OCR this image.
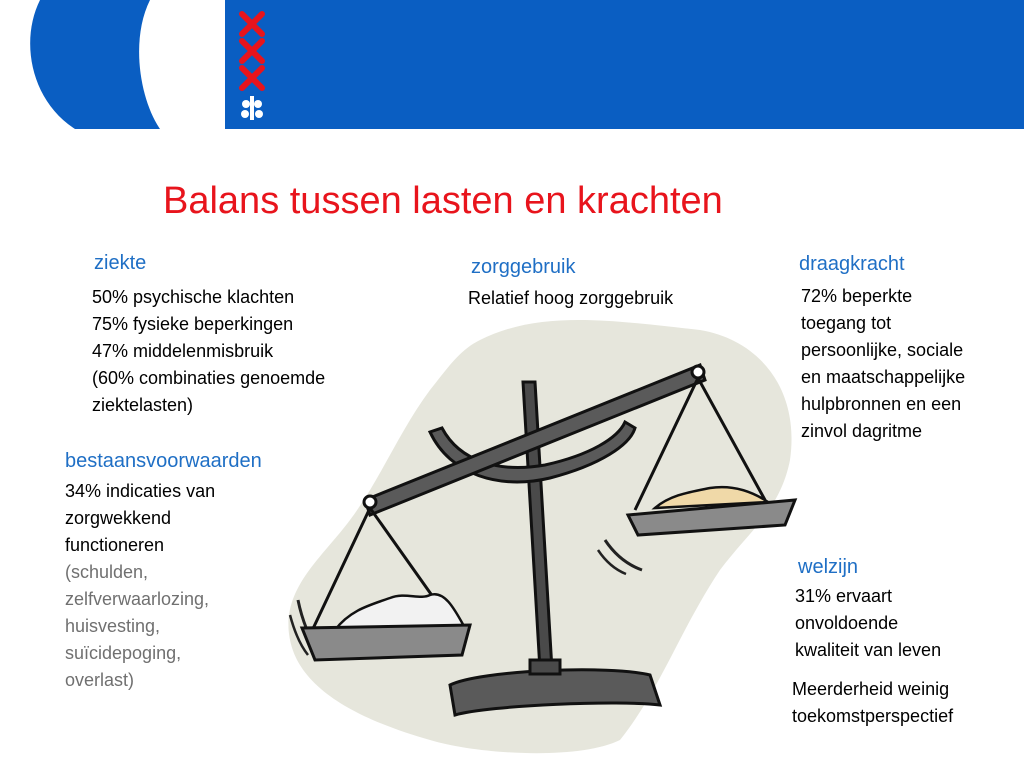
Balans tussen lasten en krachten
ziekte
50% psychische klachten
75% fysieke beperkingen
47% middelenmisbruik
(60% combinaties genoemde
ziektelasten)
zorggebruik
Relatief hoog zorggebruik
draagkracht
72% beperkte
toegang tot
persoonlijke, sociale
en maatschappelijke
hulpbronnen en een
zinvol dagritme
bestaansvoorwaarden
34% indicaties van
zorgwekkend
functioneren
(schulden,
zelfverwaarlozing,
huisvesting,
suïcidepoging,
overlast)
welzijn
31% ervaart
onvoldoende
kwaliteit van leven
Meerderheid weinig
toekomstperspectief
